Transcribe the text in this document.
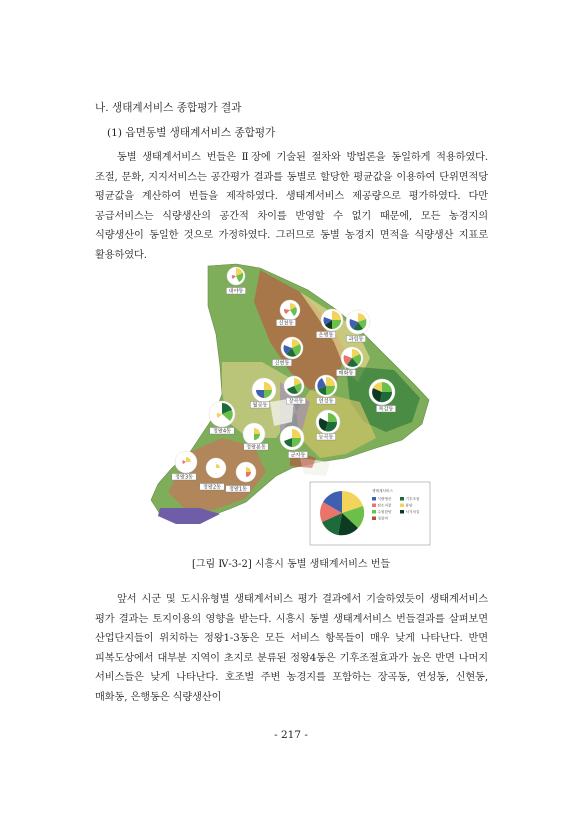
나. 생태계서비스 종합평가 결과
(1) 읍면동별 생태계서비스 종합평가
동별 생태계서비스 번들은 Ⅱ장에 기술된 절차와 방법론을 동일하게 적용하였다. 조절, 문화, 지지서비스는 공간평가 결과를 동별로 할당한 평균값을 이용하여 단위면적당 평균값을 계산하여 번들을 제작하였다. 생태계서비스 제공량으로 평가하였다. 다만 공급서비스는 식량생산의 공간적 차이를 반영할 수 없기 때문에, 모든 농경지의 식량생산이 동일한 것으로 가정하였다. 그러므로 동별 농경지 면적을 식량생산 지표로 활용하였다.
대야동
신천동
은행동
과림동
신현동
매화동
월곶동
장곡동	연성동
목감동
능곡동
정왕4동
정왕본동
군자동
정왕3동
정왕2동 정왕1동	생태계서비스
식량생산
탄소저장
수원함양
경관미
기후조절
휴양
서식처질
[그림 Ⅳ-3-2] 시흥시 동별 생태계서비스 번들
앞서 시군 및 도시유형별 생태계서비스 평가 결과에서 기술하였듯이 생태계서비스 평가 결과는 토지이용의 영향을 받는다. 시흥시 동별 생태계서비스 번들결과를 살펴보면 산업단지들이 위치하는 정왕1-3동은 모든 서비스 항목들이 매우 낮게 나타난다. 반면 피복도상에서 대부분 지역이 초지로 분류된 정왕4동은 기후조절효과가 높은 반면 나머지 서비스들은 낮게 나타난다. 호조벌 주변 농경지를 포함하는 장곡동, 연성동, 신현동, 매화동, 은행동은 식량생산이
- 217 -
